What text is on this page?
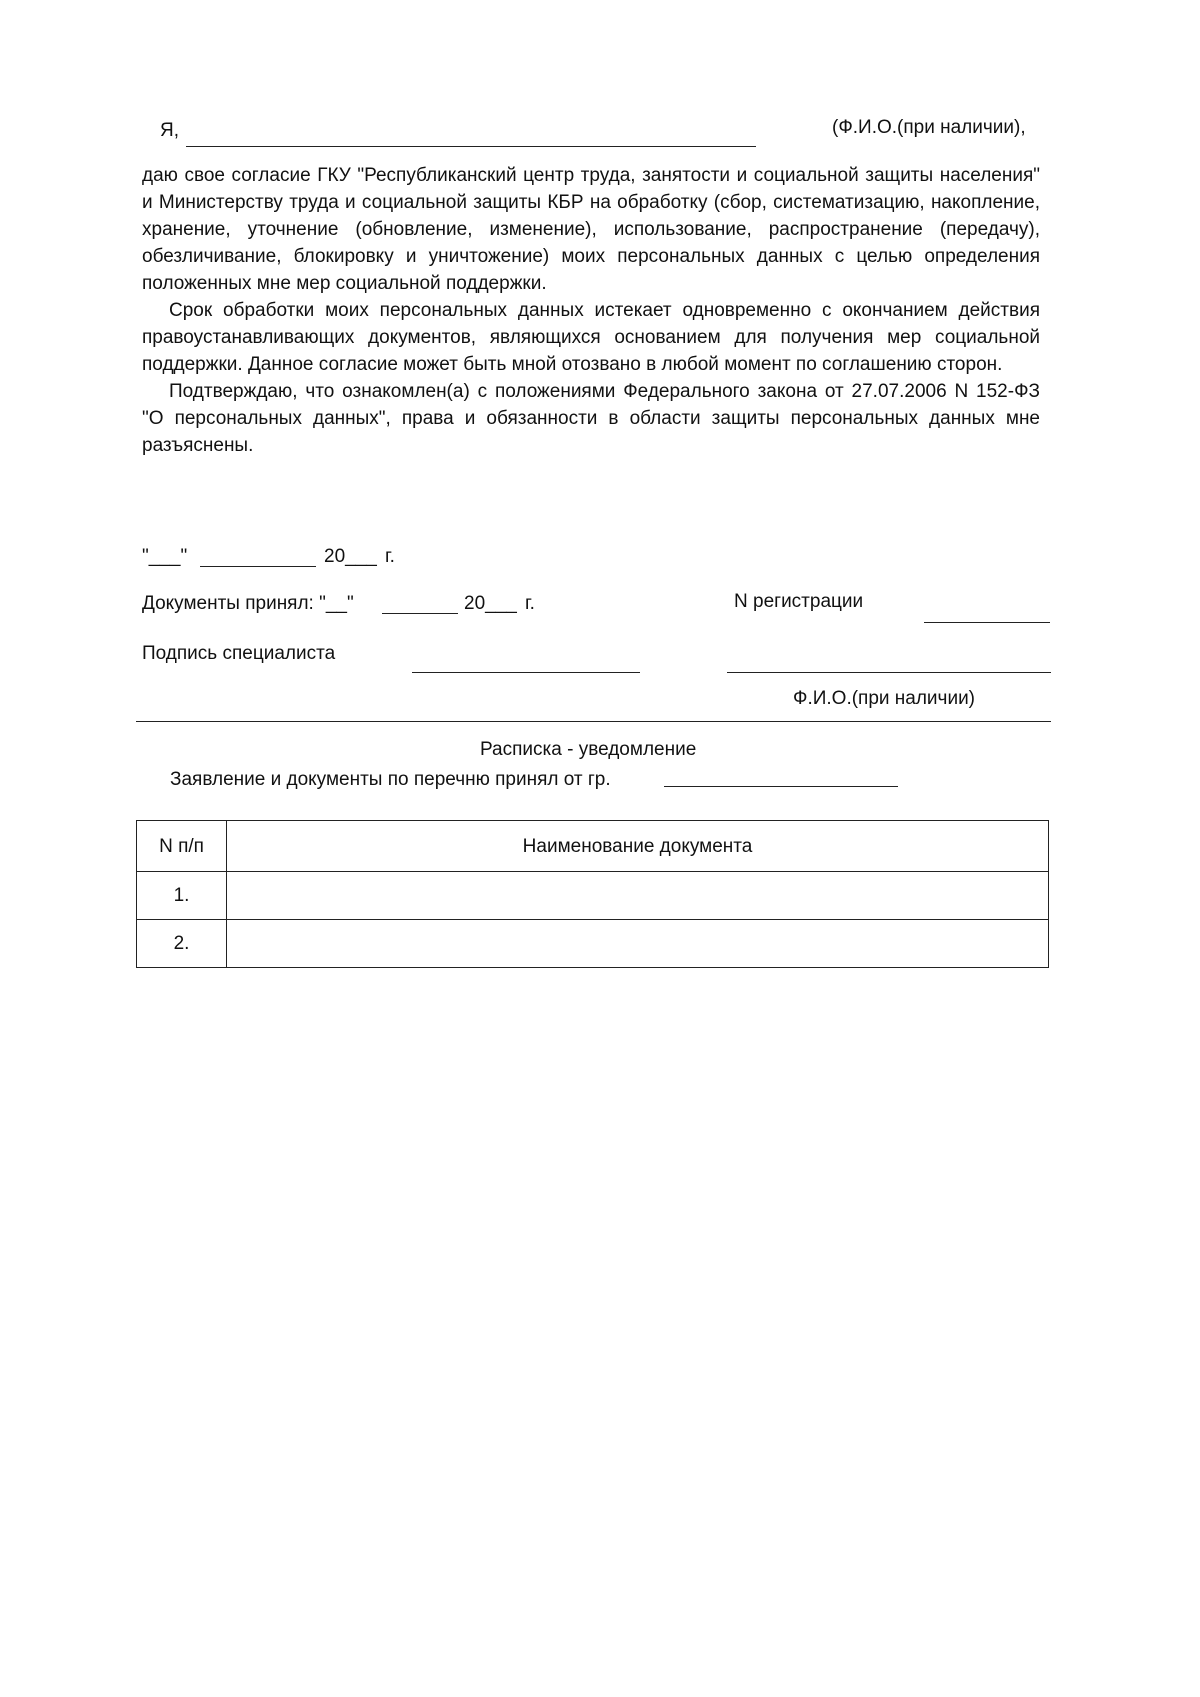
Я,	(Ф.И.О.(при наличии),

даю свое согласие ГКУ "Республиканский центр труда, занятости и социальной защиты населения" и Министерству труда и социальной защиты КБР на обработку (сбор, систематизацию, накопление, хранение, уточнение (обновление, изменение), использование, распространение (передачу), обезличивание, блокировку и уничтожение) моих персональных данных с целью определения положенных мне мер социальной поддержки.

Срок обработки моих персональных данных истекает одновременно с окончанием действия правоустанавливающих документов, являющихся основанием для получения мер социальной поддержки. Данное согласие может быть мной отозвано в любой момент по соглашению сторон.

Подтверждаю, что ознакомлен(а) с положениями Федерального закона от 27.07.2006 N 152-ФЗ "О персональных данных", права и обязанности в области защиты персональных данных мне разъяснены.

"___"	20___ г.
Документы принял: "__"	20___ г.	N регистрации
Подпись специалиста
Ф.И.О.(при наличии)
Расписка - уведомление
Заявление и документы по перечню принял от гр.
N п/п	Наименование документа
1.	
2.	
